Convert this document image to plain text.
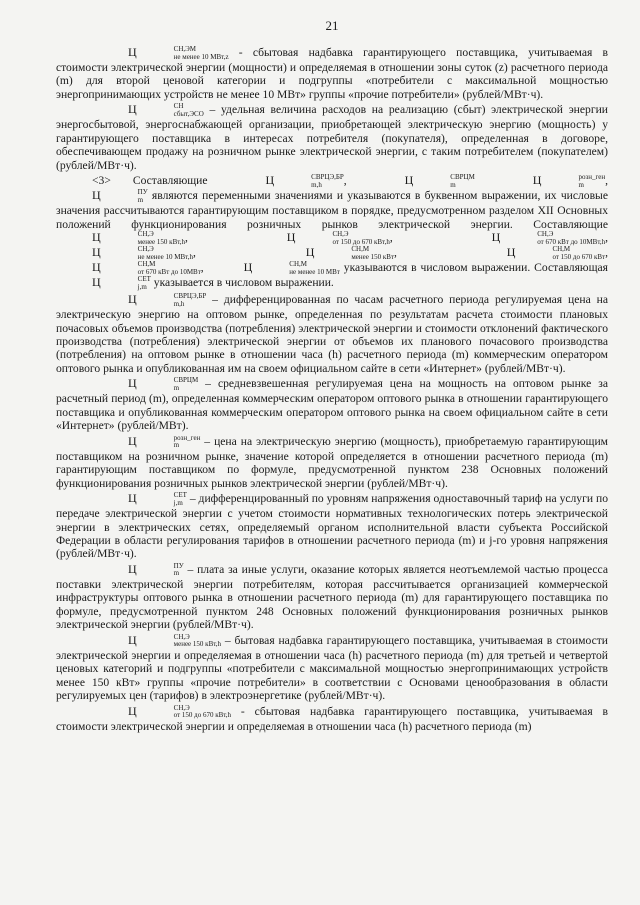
21

Ц	СН,ЭМ
не менее 10 МВт,z - сбытовая надбавка гарантирующего поставщика, учитываемая в стоимости электрической энергии (мощности) и определяемая в отношении зоны суток (z) расчетного периода (m) для второй ценовой категории и подгруппы «потребители с максимальной мощностью энергопринимающих устройств не менее 10 МВт» группы «прочие потребители» (рублей/МВт·ч).

Ц	СН
сбыт,ЭСО – удельная величина расходов на реализацию (сбыт) электрической энергии энергосбытовой, энергоснабжающей организации, приобретающей электрическую энергию (мощность) у гарантирующего поставщика в интересах потребителя (покупателя), определенная в договоре, обеспечивающем продажу на розничном рынке электрической энергии, с таким потребителем (покупателем) (рублей/МВт·ч).

<3> Составляющие	Ц	СВРЦЭ,БР
m,h	,	Ц	СВРЦМ
m	Ц	розн_ген
m	, Ц	ПУ
m являются переменными значениями и указываются в буквенном выражении, их числовые значения рассчитываются гарантирующим поставщиком в порядке, предусмотренном разделом XII Основных положений функционирования розничных рынков электрической энергии. Составляющие Ц	СН,Э
менее 150 кВт,h ,	Ц	СН,Э
от 150 до 670 кВт,h ,	Ц	СН,Э
от 670 кВт до 10МВт,h , Ц	СН,Э
не менее 10 МВт,h ,	Ц	СН,М
менее 150 кВт ,	Ц	СН,М
от 150 до 670 кВт , Ц	СН,М
от 670 кВт до 10МВт ,	Ц	СН,М
не менее 10 МВт указываются в числовом выражении. Составляющая Ц	СЕТ
j,m указывается в числовом выражении.

Ц	СВРЦЭ,БР
m,h	– дифференцированная по часам расчетного периода регулируемая цена на электрическую энергию на оптовом рынке, определенная по результатам расчета стоимости плановых почасовых объемов производства (потребления) электрической энергии и стоимости отклонений фактического производства (потребления) электрической энергии от объемов их планового почасового производства (потребления) на оптовом рынке в отношении часа (h) расчетного периода (m) коммерческим оператором оптового рынка и опубликованная им на своем официальном сайте в сети «Интернет» (рублей/МВт·ч).

Ц	СВРЦМ
m	– средневзвешенная регулируемая цена на мощность на оптовом рынке за расчетный период (m), определенная коммерческим оператором оптового рынка в отношении гарантирующего поставщика и опубликованная коммерческим оператором оптового рынка на своем официальном сайте в сети «Интернет» (рублей/МВт).

Ц	розн_ген
m	– цена на электрическую энергию (мощность), приобретаемую гарантирующим поставщиком на розничном рынке, значение которой определяется в отношении расчетного периода (m) гарантирующим поставщиком по формуле, предусмотренной пунктом 238 Основных положений функционирования розничных рынков электрической энергии (рублей/МВт·ч).

Ц	СЕТ
j,m – дифференцированный по уровням напряжения одноставочный тариф на услуги по передаче электрической энергии с учетом стоимости нормативных технологических потерь электрической энергии в электрических сетях, определяемый органом исполнительной власти субъекта Российской Федерации в области регулирования тарифов в отношении расчетного периода (m) и j-го уровня напряжения (рублей/МВт·ч).

Ц	ПУ
m – плата за иные услуги, оказание которых является неотъемлемой частью процесса поставки электрической энергии потребителям, которая рассчитывается организацией коммерческой инфраструктуры оптового рынка в отношении расчетного периода (m) для гарантирующего поставщика по формуле, предусмотренной пунктом 248 Основных положений функционирования розничных рынков электрической энергии (рублей/МВт·ч).

Ц	СН,Э
менее 150 кВт,h – бытовая надбавка гарантирующего поставщика, учитываемая в стоимости электрической энергии и определяемая в отношении часа (h) расчетного периода (m) для третьей и четвертой ценовых категорий и подгруппы «потребители с максимальной мощностью энергопринимающих устройств менее 150 кВт» группы «прочие потребители» в соответствии с Основами ценообразования в области регулируемых цен (тарифов) в электроэнергетике (рублей/МВт·ч).

Ц	СН,Э
от 150 до 670 кВт,h - сбытовая надбавка гарантирующего поставщика, учитываемая в стоимости электрической энергии и определяемая в отношении часа (h) расчетного периода (m)
